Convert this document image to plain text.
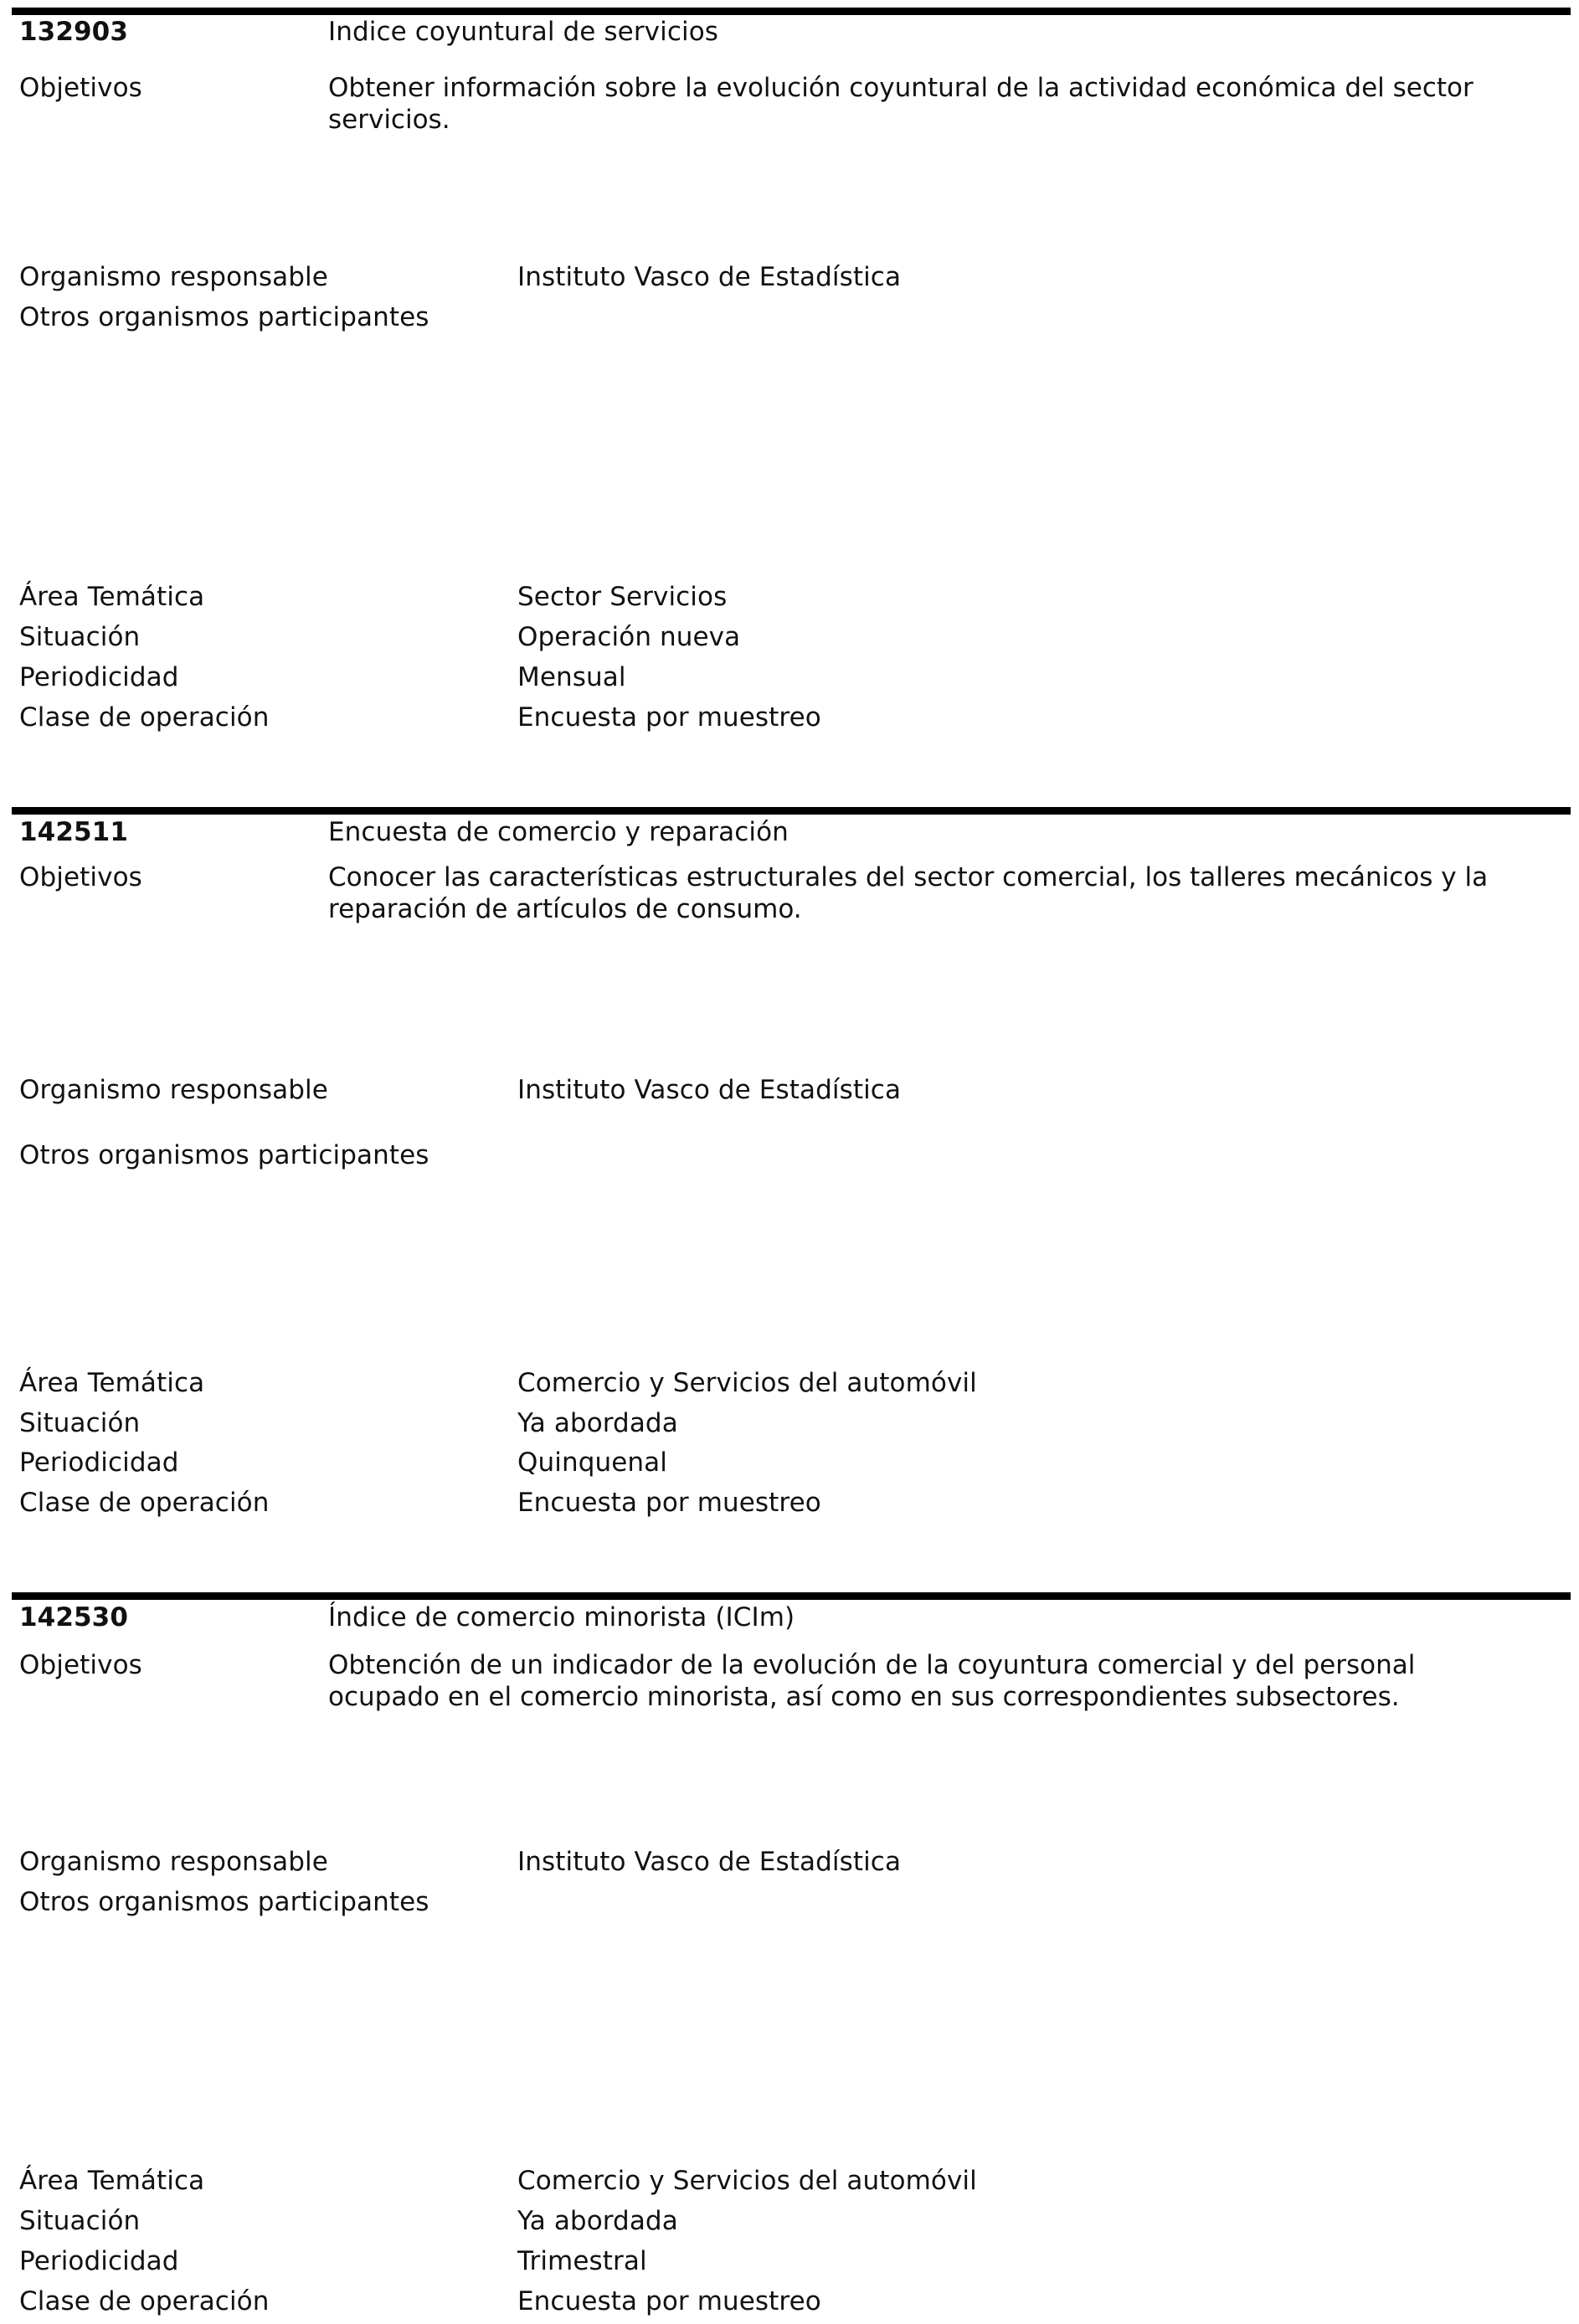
132903	Indice coyuntural de servicios
Objetivos	Obtener información sobre la evolución coyuntural de la actividad económica del sector servicios.
Organismo responsable	Instituto Vasco de Estadística
Otros organismos participantes
Área Temática	Sector Servicios
Situación	Operación nueva
Periodicidad	Mensual
Clase de operación	Encuesta por muestreo
142511	Encuesta de comercio y reparación
Objetivos	Conocer las características estructurales del sector comercial, los talleres mecánicos y la reparación de artículos de consumo.
Organismo responsable	Instituto Vasco de Estadística
Otros organismos participantes
Área Temática	Comercio y Servicios del automóvil
Situación	Ya abordada
Periodicidad	Quinquenal
Clase de operación	Encuesta por muestreo
142530	Índice de comercio minorista (ICIm)
Objetivos	Obtención de un indicador de la evolución de la coyuntura comercial y del personal ocupado en el comercio minorista, así como en sus correspondientes subsectores.
Organismo responsable	Instituto Vasco de Estadística
Otros organismos participantes
Área Temática	Comercio y Servicios del automóvil
Situación	Ya abordada
Periodicidad	Trimestral
Clase de operación	Encuesta por muestreo
